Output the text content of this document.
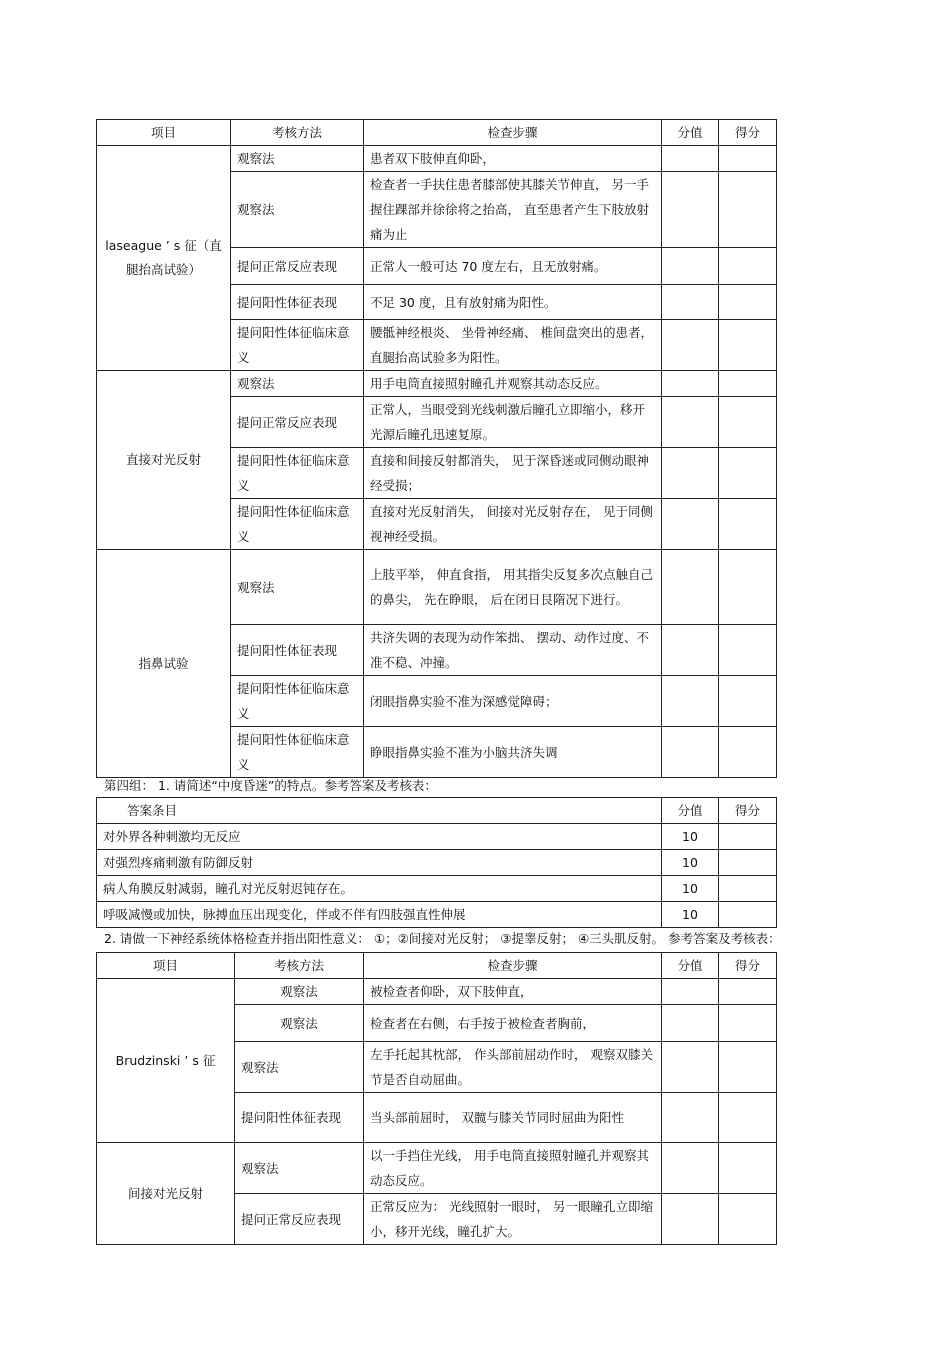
项目	考核方法	检查步骤	分值	得分
laseague ’ s 征（直腿抬高试验）	观察法	患者双下肢伸直仰卧，		
	观察法	检查者一手扶住患者膝部使其膝关节伸直， 另一手握住踝部并徐徐将之抬高， 直至患者产生下肢放射痛为止		
	提问正常反应表现	正常人一般可达 70 度左右，且无放射痛。		
	提问阳性体征表现	不足 30 度，且有放射痛为阳性。		
	提问阳性体征临床意义	腰骶神经根炎、 坐骨神经痛、 椎间盘突出的患者，直腿抬高试验多为阳性。		
直接对光反射	观察法	用手电筒直接照射瞳孔并观察其动态反应。		
	提问正常反应表现	正常人，当眼受到光线刺激后瞳孔立即缩小，移开光源后瞳孔迅速复原。		
	提问阳性体征临床意义	直接和间接反射都消失， 见于深昏迷或同侧动眼神经受损；		
	提问阳性体征临床意义	直接对光反射消失， 间接对光反射存在， 见于同侧视神经受损。		
指鼻试验	观察法	上肢平举， 伸直食指， 用其指尖反复多次点触自己的鼻尖， 先在睁眼， 后在闭日艮隋况下进行。		
	提问阳性体征表现	共济失调的表现为动作笨拙、 摆动、动作过度、不准不稳、冲撞。		
	提问阳性体征临床意义	闭眼指鼻实验不准为深感觉障碍；		
	提问阳性体征临床意义	睁眼指鼻实验不准为小脑共济失调		
第四组： 1. 请简述“中度昏迷”的特点。参考答案及考核表：
答案条目	分值	得分
对外界各种刺激均无反应	10	
对强烈疼痛刺激有防御反射	10	
病人角膜反射减弱，瞳孔对光反射迟钝存在。	10	
呼吸减慢或加快，脉搏血压出现变化，伴或不伴有四肢强直性伸展	10	
2. 请做一下神经系统体格检查并指出阳性意义： ①；②间接对光反射； ③提睾反射； ④三头肌反射。 参考答案及考核表：
项目	考核方法	检查步骤	分值	得分
Brudzinski ’ s 征	观察法	被检查者仰卧，双下肢伸直，		
	观察法	检查者在右侧，右手按于被检查者胸前，		
	观察法	左手托起其枕部， 作头部前屈动作时， 观察双膝关节是否自动屈曲。		
	提问阳性体征表现	当头部前屈时， 双髋与膝关节同时屈曲为阳性		
间接对光反射	观察法	以一手挡住光线， 用手电筒直接照射瞳孔并观察其动态反应。		
	提问正常反应表现	正常反应为： 光线照射一眼时， 另一眼瞳孔立即缩小，移开光线，瞳孔扩大。		
